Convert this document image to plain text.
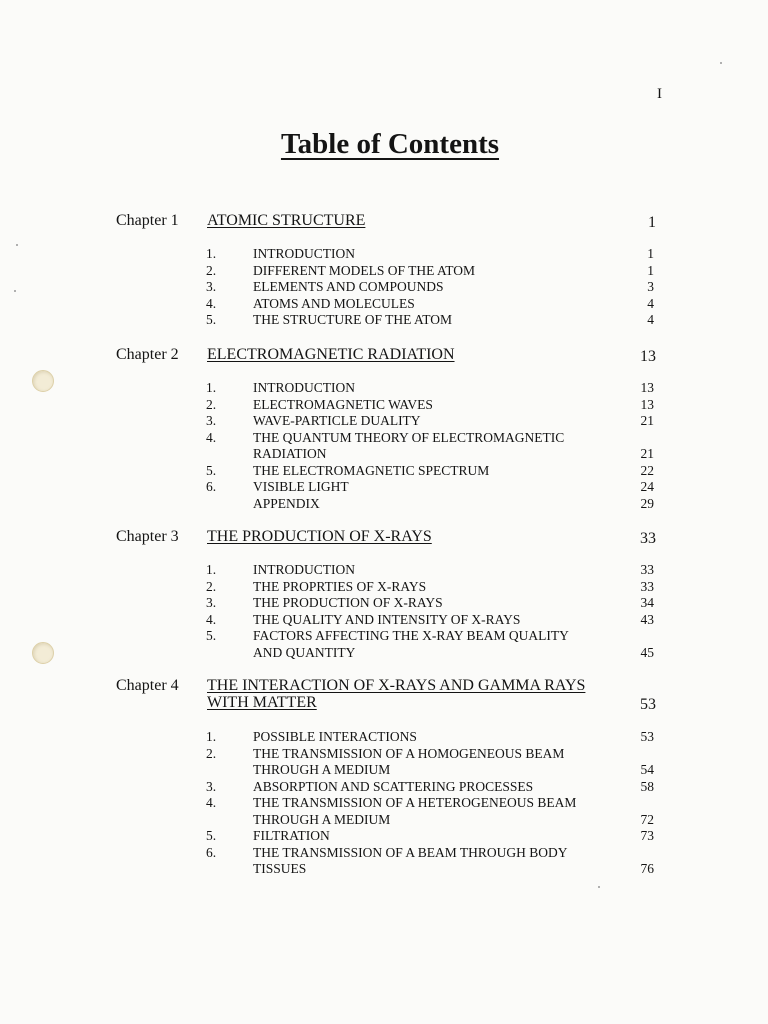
I
Table of Contents
Chapter 1 ATOMIC STRUCTURE	1
1.	INTRODUCTION	1
2.	DIFFERENT MODELS OF THE ATOM	1
3.	ELEMENTS AND COMPOUNDS	3
4.	ATOMS AND MOLECULES	4
5.	THE STRUCTURE OF THE ATOM	4
Chapter 2 ELECTROMAGNETIC RADIATION	13
1.	INTRODUCTION	13
2.	ELECTROMAGNETIC WAVES	13
3.	WAVE-PARTICLE DUALITY	21
4.	THE QUANTUM THEORY OF ELECTROMAGNETIC
RADIATION	21
5.	THE ELECTROMAGNETIC SPECTRUM	22
6.	VISIBLE LIGHT	24
APPENDIX	29
Chapter 3 THE PRODUCTION OF X-RAYS	33
1.	INTRODUCTION	33
2.	THE PROPRTIES OF X-RAYS	33
3.	THE PRODUCTION OF X-RAYS	34
4.	THE QUALITY AND INTENSITY OF X-RAYS	43
5.	FACTORS AFFECTING THE X-RAY BEAM QUALITY
AND QUANTITY	45
Chapter 4 THE INTERACTION OF X-RAYS AND GAMMA RAYS
WITH MATTER	53
1.	POSSIBLE INTERACTIONS	53
2.	THE TRANSMISSION OF A HOMOGENEOUS BEAM
THROUGH A MEDIUM	54
3.	ABSORPTION AND SCATTERING PROCESSES	58
4.	THE TRANSMISSION OF A HETEROGENEOUS BEAM
THROUGH A MEDIUM	72
5.	FILTRATION	73
6.	THE TRANSMISSION OF A BEAM THROUGH BODY
TISSUES	76
